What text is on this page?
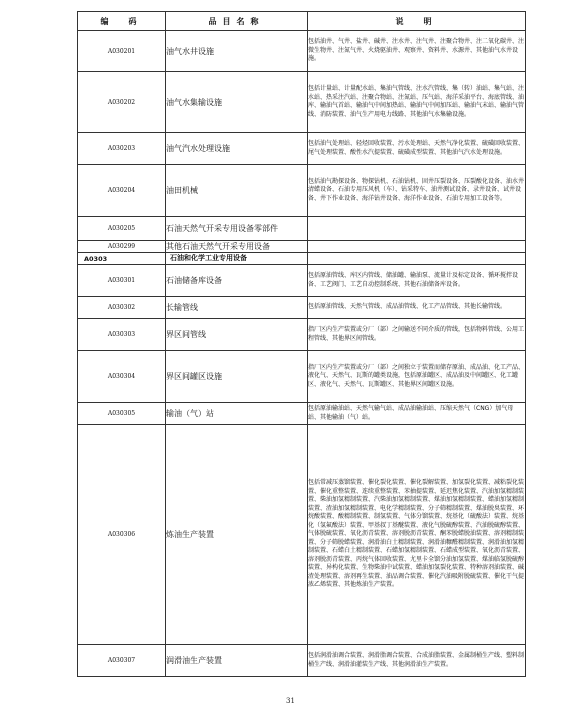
编　码	品目名称	说　明
A030201	油气水井设施	包括油井、气井、盐井、碱井、注水井、注气井、注聚合物井、注二氧化碳井、注微生物井、注氮气井、火烧驱油井、观察井、资料井、水源井、其他油气水井设施。
A030202	油气水集输设施	包括计量站、计量配水站、集油气管线、注水汽管线、集（转）油站、集气站、注水站、热采注汽站、注聚合物站、注氮站、压气站、海洋采油平台、海底管线、油库、输油气首站、输油气中间加热站、输油气中间加压站、输油气末站、输油气管线、消防装置、油气生产用电力线路、其他油气水集输设施。
A030203	油气汽水处理设施	包括油气处理站、轻烃回收装置、污水处理站、天然气净化装置、硫磺回收装置、尾气处理装置、酸性水汽提装置、硫磺成型装置、其他油气汽水处理设施。
A030204	油田机械	包括油气勘探设备、物探钻机、石油钻机、固井压裂设备、压裂酸化设备、油水井清蜡设备、石油专用压风机（车）、钻采特车、油井测试设备、录井设备、试井设备、井下作业设备、海洋钻井设备、海洋作业设备、石油专用加工设备等。
A030205	石油天然气开采专用设备零部件	
A030299	其他石油天然气开采专用设备	
A0303	石油和化学工业专用设备	
A030301	石油储备库设备	包括原油管线、库区内管线、储油罐、输油泵、流量计及标定设备、循环搅拌设备、工艺阀门、工艺自动控制系统、其他石油储备库设备。
A030302	长输管线	包括原油管线、天然气管线、成品油管线、化工产品管线、其他长输管线。
A030303	界区间管线	指厂区内生产装置或分厂（部）之间输送不同介质的管线，包括物料管线、公用工程管线、其他界区间管线。
A030304	界区间罐区设施	指厂区内生产装置或分厂（部）之间独立于装置而储存原油、成品油、化工产品、液化气、天然气、瓦斯的罐类设施，包括原油罐区、成品油及中间罐区、化工罐区、液化气、天然气、瓦斯罐区、其他界区间罐区设施。
A030305	输油（气）站	包括原油输油站、天然气输气站、成品油输油站、压缩天然气（CNG）加气母站、其他输油（气）站。
A030306	炼油生产装置	包括常减压蒸馏装置、催化裂化装置、催化裂解装置、加氢裂化装置、减粘裂化装置、催化重整装置、连续重整装置、苯抽提装置、延迟焦化装置、汽油加氢精制装置、柴油加氢精制装置、汽柴油加氢精制装置、煤油加氢精制装置、蜡油加氢精制装置、渣油加氢精制装置、电化学精制装置、分子筛精制装置、煤油脱臭装置、环烷酸装置、酸精制装置、制氢装置、气体分馏装置、烷基化（硫酸法）装置、烷基化（氢氟酸法）装置、甲基叔丁基醚装置、液化气脱硫醇装置、汽油脱硫醇装置、气体脱硫装置、氧化沥青装置、溶剂脱沥青装置、酮苯脱蜡脱油装置、溶剂精制装置、分子筛脱蜡装置、润滑油白土精制装置、润滑油糠醛精制装置、润滑油加氢精制装置、石蜡白土精制装置、石蜡加氢精制装置、石蜡成型装置、氧化沥青装置、溶剂脱沥青装置、丙烷气体回收装置、尤里卡全馏分油加氢装置、煤油临氢脱硫醇装置、异构化装置、生物柴油中试装置、蜡油加氢裂化装置、特种溶剂油装置、碱渣处理装置、溶剂再生装置、油品调合装置、催化汽油吸附脱硫装置、催化干气提浓乙烯装置、其他炼油生产装置。
A030307	润滑油生产装置	包括润滑油调合装置、润滑脂调合装置、合成油脂装置、金属制桶生产线、塑料制桶生产线、润滑油灌装生产线、其他润滑油生产装置。
31
